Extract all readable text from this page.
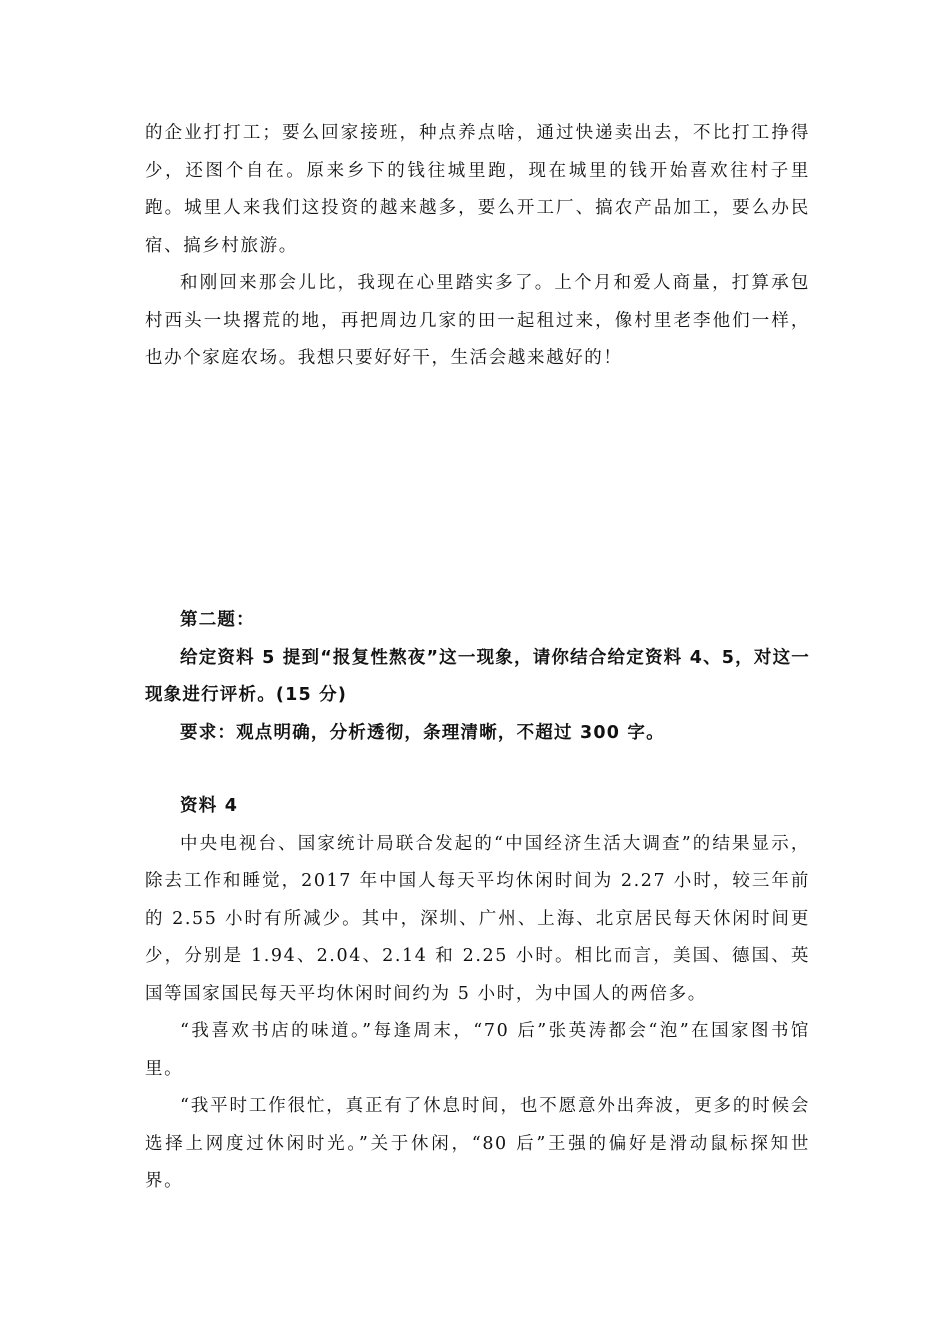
的企业打打工；要么回家接班，种点养点啥，通过快递卖出去，不比打工挣得少，还图个自在。原来乡下的钱往城里跑，现在城里的钱开始喜欢往村子里跑。城里人来我们这投资的越来越多，要么开工厂、搞农产品加工，要么办民宿、搞乡村旅游。

和刚回来那会儿比，我现在心里踏实多了。上个月和爱人商量，打算承包村西头一块撂荒的地，再把周边几家的田一起租过来，像村里老李他们一样，也办个家庭农场。我想只要好好干，生活会越来越好的！

第二题：

给定资料 5 提到“报复性熬夜”这一现象，请你结合给定资料 4、5，对这一现象进行评析。(15 分)

要求：观点明确，分析透彻，条理清晰，不超过 300 字。

资料 4

中央电视台、国家统计局联合发起的“中国经济生活大调查”的结果显示，除去工作和睡觉，2017 年中国人每天平均休闲时间为 2.27 小时，较三年前的 2.55 小时有所减少。其中，深圳、广州、上海、北京居民每天休闲时间更少，分别是 1.94、2.04、2.14 和 2.25 小时。相比而言，美国、德国、英国等国家国民每天平均休闲时间约为 5 小时，为中国人的两倍多。

“我喜欢书店的味道。”每逢周末，“70 后”张英涛都会“泡”在国家图书馆里。

“我平时工作很忙，真正有了休息时间，也不愿意外出奔波，更多的时候会选择上网度过休闲时光。”关于休闲，“80 后”王强的偏好是滑动鼠标探知世界。
